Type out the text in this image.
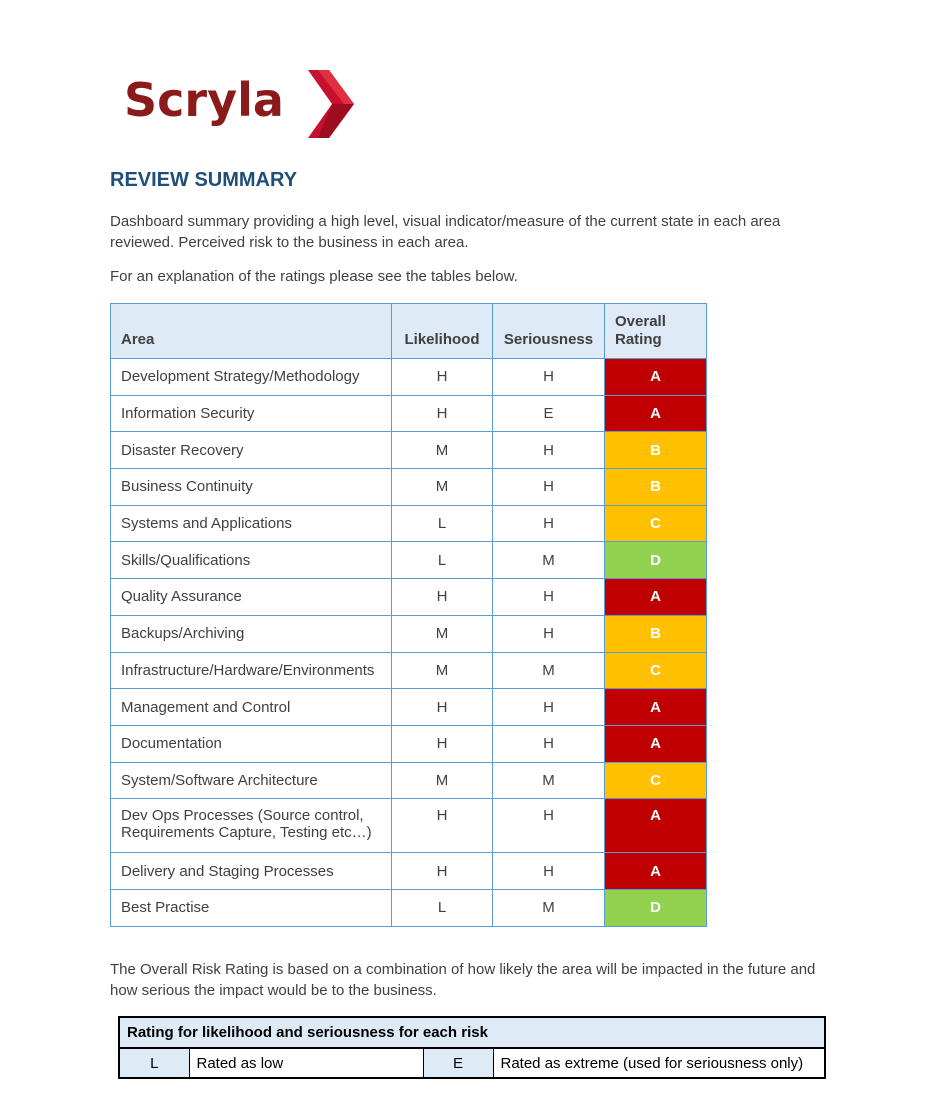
Scryla
REVIEW SUMMARY

Dashboard summary providing a high level, visual indicator/measure of the current state in each area reviewed. Perceived risk to the business in each area.

For an explanation of the ratings please see the tables below.

Area	Likelihood	Seriousness	Overall Rating
Development Strategy/Methodology	H	H	A
Information Security	H	E	A
Disaster Recovery	M	H	B
Business Continuity	M	H	B
Systems and Applications	L	H	C
Skills/Qualifications	L	M	D
Quality Assurance	H	H	A
Backups/Archiving	M	H	B
Infrastructure/Hardware/Environments	M	M	C
Management and Control	H	H	A
Documentation	H	H	A
System/Software Architecture	M	M	C
Dev Ops Processes (Source control, Requirements Capture, Testing etc…)	H	H	A
Delivery and Staging Processes	H	H	A
Best Practise	L	M	D

The Overall Risk Rating is based on a combination of how likely the area will be impacted in the future and how serious the impact would be to the business.

Rating for likelihood and seriousness for each risk
L	Rated as low	E	Rated as extreme (used for seriousness only)
